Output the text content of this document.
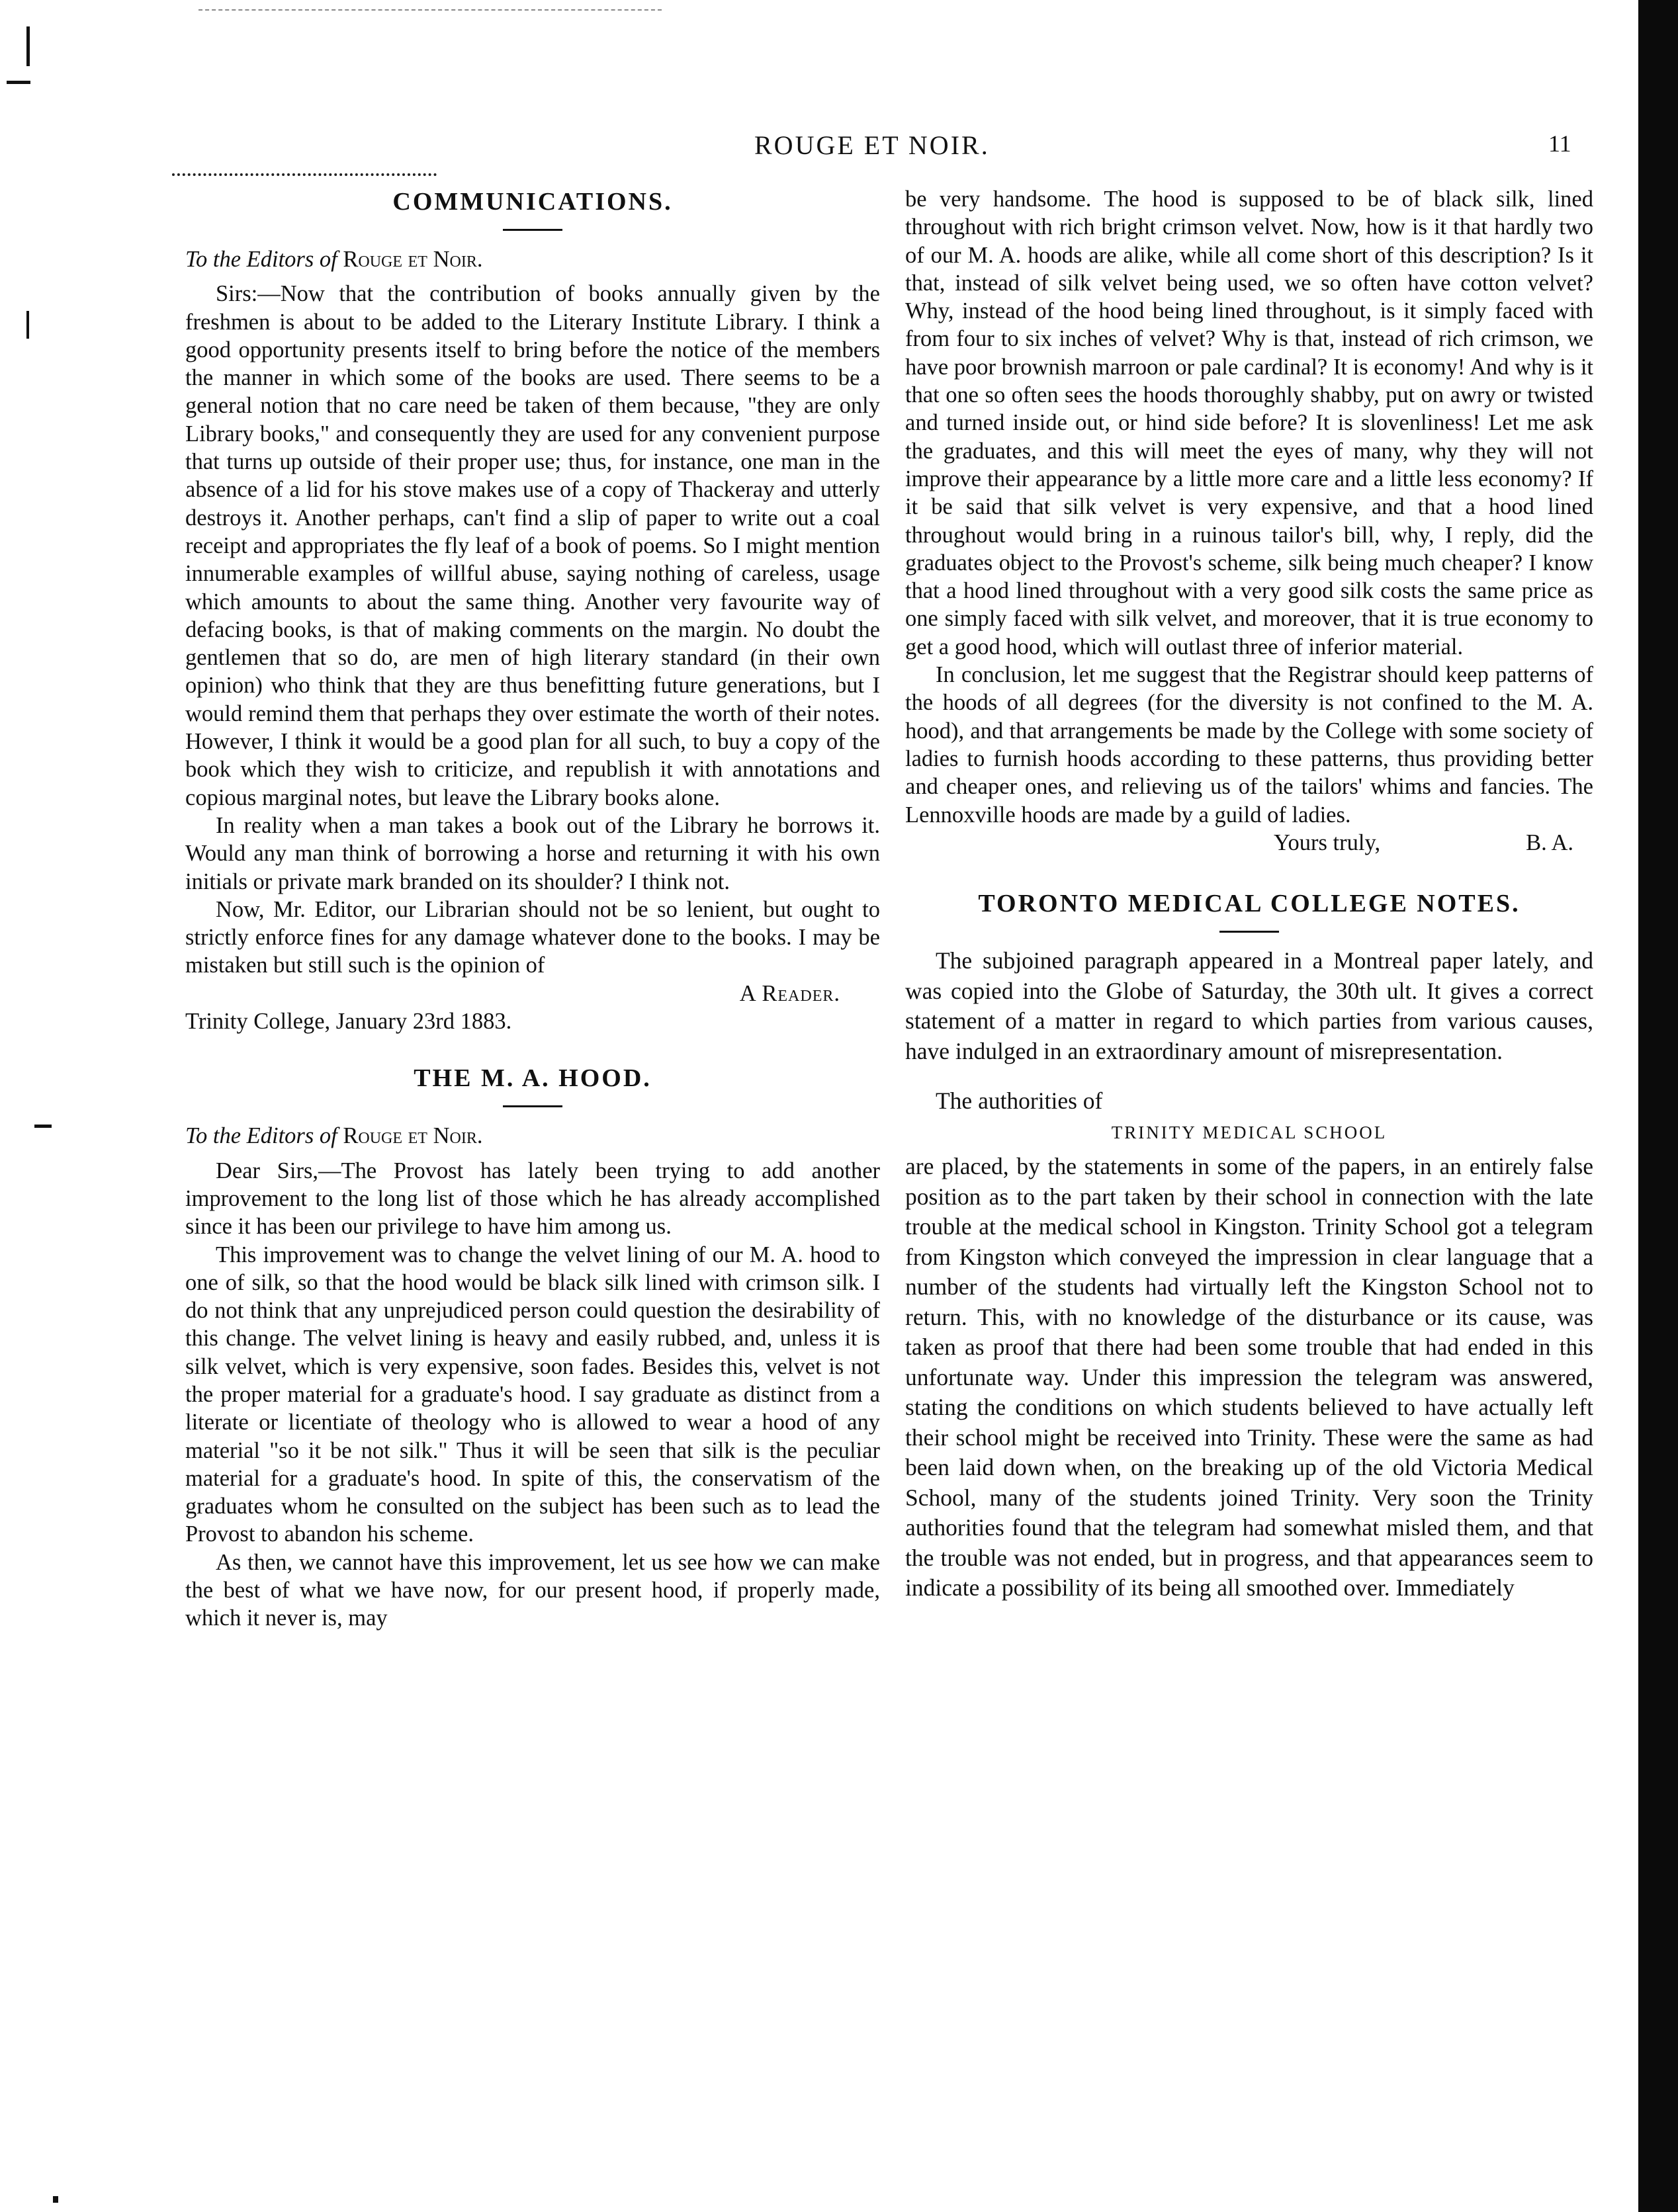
ROUGE ET NOIR.	11
COMMUNICATIONS.

To the Editors of Rouge et Noir.

Sirs:—Now that the contribution of books annually given by the freshmen is about to be added to the Literary Institute Library. I think a good opportunity presents itself to bring before the notice of the members the manner in which some of the books are used. There seems to be a general notion that no care need be taken of them because, "they are only Library books," and consequently they are used for any convenient purpose that turns up outside of their proper use; thus, for instance, one man in the absence of a lid for his stove makes use of a copy of Thackeray and utterly destroys it. Another perhaps, can't find a slip of paper to write out a coal receipt and appropriates the fly leaf of a book of poems. So I might mention innumerable examples of willful abuse, saying nothing of careless, usage which amounts to about the same thing. Another very favourite way of defacing books, is that of making comments on the margin. No doubt the gentlemen that so do, are men of high literary standard (in their own opinion) who think that they are thus benefitting future generations, but I would remind them that perhaps they over estimate the worth of their notes. However, I think it would be a good plan for all such, to buy a copy of the book which they wish to criticize, and republish it with annotations and copious marginal notes, but leave the Library books alone.

In reality when a man takes a book out of the Library he borrows it. Would any man think of borrowing a horse and returning it with his own initials or private mark branded on its shoulder? I think not.

Now, Mr. Editor, our Librarian should not be so lenient, but ought to strictly enforce fines for any damage whatever done to the books. I may be mistaken but still such is the opinion of

A Reader.

Trinity College, January 23rd 1883.

THE M. A. HOOD.

To the Editors of Rouge et Noir.

Dear Sirs,—The Provost has lately been trying to add another improvement to the long list of those which he has already accomplished since it has been our privilege to have him among us.

This improvement was to change the velvet lining of our M. A. hood to one of silk, so that the hood would be black silk lined with crimson silk. I do not think that any unprejudiced person could question the desirability of this change. The velvet lining is heavy and easily rubbed, and, unless it is silk velvet, which is very expensive, soon fades. Besides this, velvet is not the proper material for a graduate's hood. I say graduate as distinct from a literate or licentiate of theology who is allowed to wear a hood of any material "so it be not silk." Thus it will be seen that silk is the peculiar material for a graduate's hood. In spite of this, the conservatism of the graduates whom he consulted on the subject has been such as to lead the Provost to abandon his scheme.

As then, we cannot have this improvement, let us see how we can make the best of what we have now, for our present hood, if properly made, which it never is, may

be very handsome. The hood is supposed to be of black silk, lined throughout with rich bright crimson velvet. Now, how is it that hardly two of our M. A. hoods are alike, while all come short of this description? Is it that, instead of silk velvet being used, we so often have cotton velvet? Why, instead of the hood being lined throughout, is it simply faced with from four to six inches of velvet? Why is that, instead of rich crimson, we have poor brownish marroon or pale cardinal? It is economy! And why is it that one so often sees the hoods thoroughly shabby, put on awry or twisted and turned inside out, or hind side before? It is slovenliness! Let me ask the graduates, and this will meet the eyes of many, why they will not improve their appearance by a little more care and a little less economy? If it be said that silk velvet is very expensive, and that a hood lined throughout would bring in a ruinous tailor's bill, why, I reply, did the graduates object to the Provost's scheme, silk being much cheaper? I know that a hood lined throughout with a very good silk costs the same price as one simply faced with silk velvet, and moreover, that it is true economy to get a good hood, which will outlast three of inferior material.

In conclusion, let me suggest that the Registrar should keep patterns of the hoods of all degrees (for the diversity is not confined to the M. A. hood), and that arrangements be made by the College with some society of ladies to furnish hoods according to these patterns, thus providing better and cheaper ones, and relieving us of the tailors' whims and fancies. The Lennoxville hoods are made by a guild of ladies.

Yours truly,	B. A.

TORONTO MEDICAL COLLEGE NOTES.

The subjoined paragraph appeared in a Montreal paper lately, and was copied into the Globe of Saturday, the 30th ult. It gives a correct statement of a matter in regard to which parties from various causes, have indulged in an extraordinary amount of misrepresentation.

The authorities of

TRINITY MEDICAL SCHOOL

are placed, by the statements in some of the papers, in an entirely false position as to the part taken by their school in connection with the late trouble at the medical school in Kingston. Trinity School got a telegram from Kingston which conveyed the impression in clear language that a number of the students had virtually left the Kingston School not to return. This, with no knowledge of the disturbance or its cause, was taken as proof that there had been some trouble that had ended in this unfortunate way. Under this impression the telegram was answered, stating the conditions on which students believed to have actually left their school might be received into Trinity. These were the same as had been laid down when, on the breaking up of the old Victoria Medical School, many of the students joined Trinity. Very soon the Trinity authorities found that the telegram had somewhat misled them, and that the trouble was not ended, but in progress, and that appearances seem to indicate a possibility of its being all smoothed over. Immediately
